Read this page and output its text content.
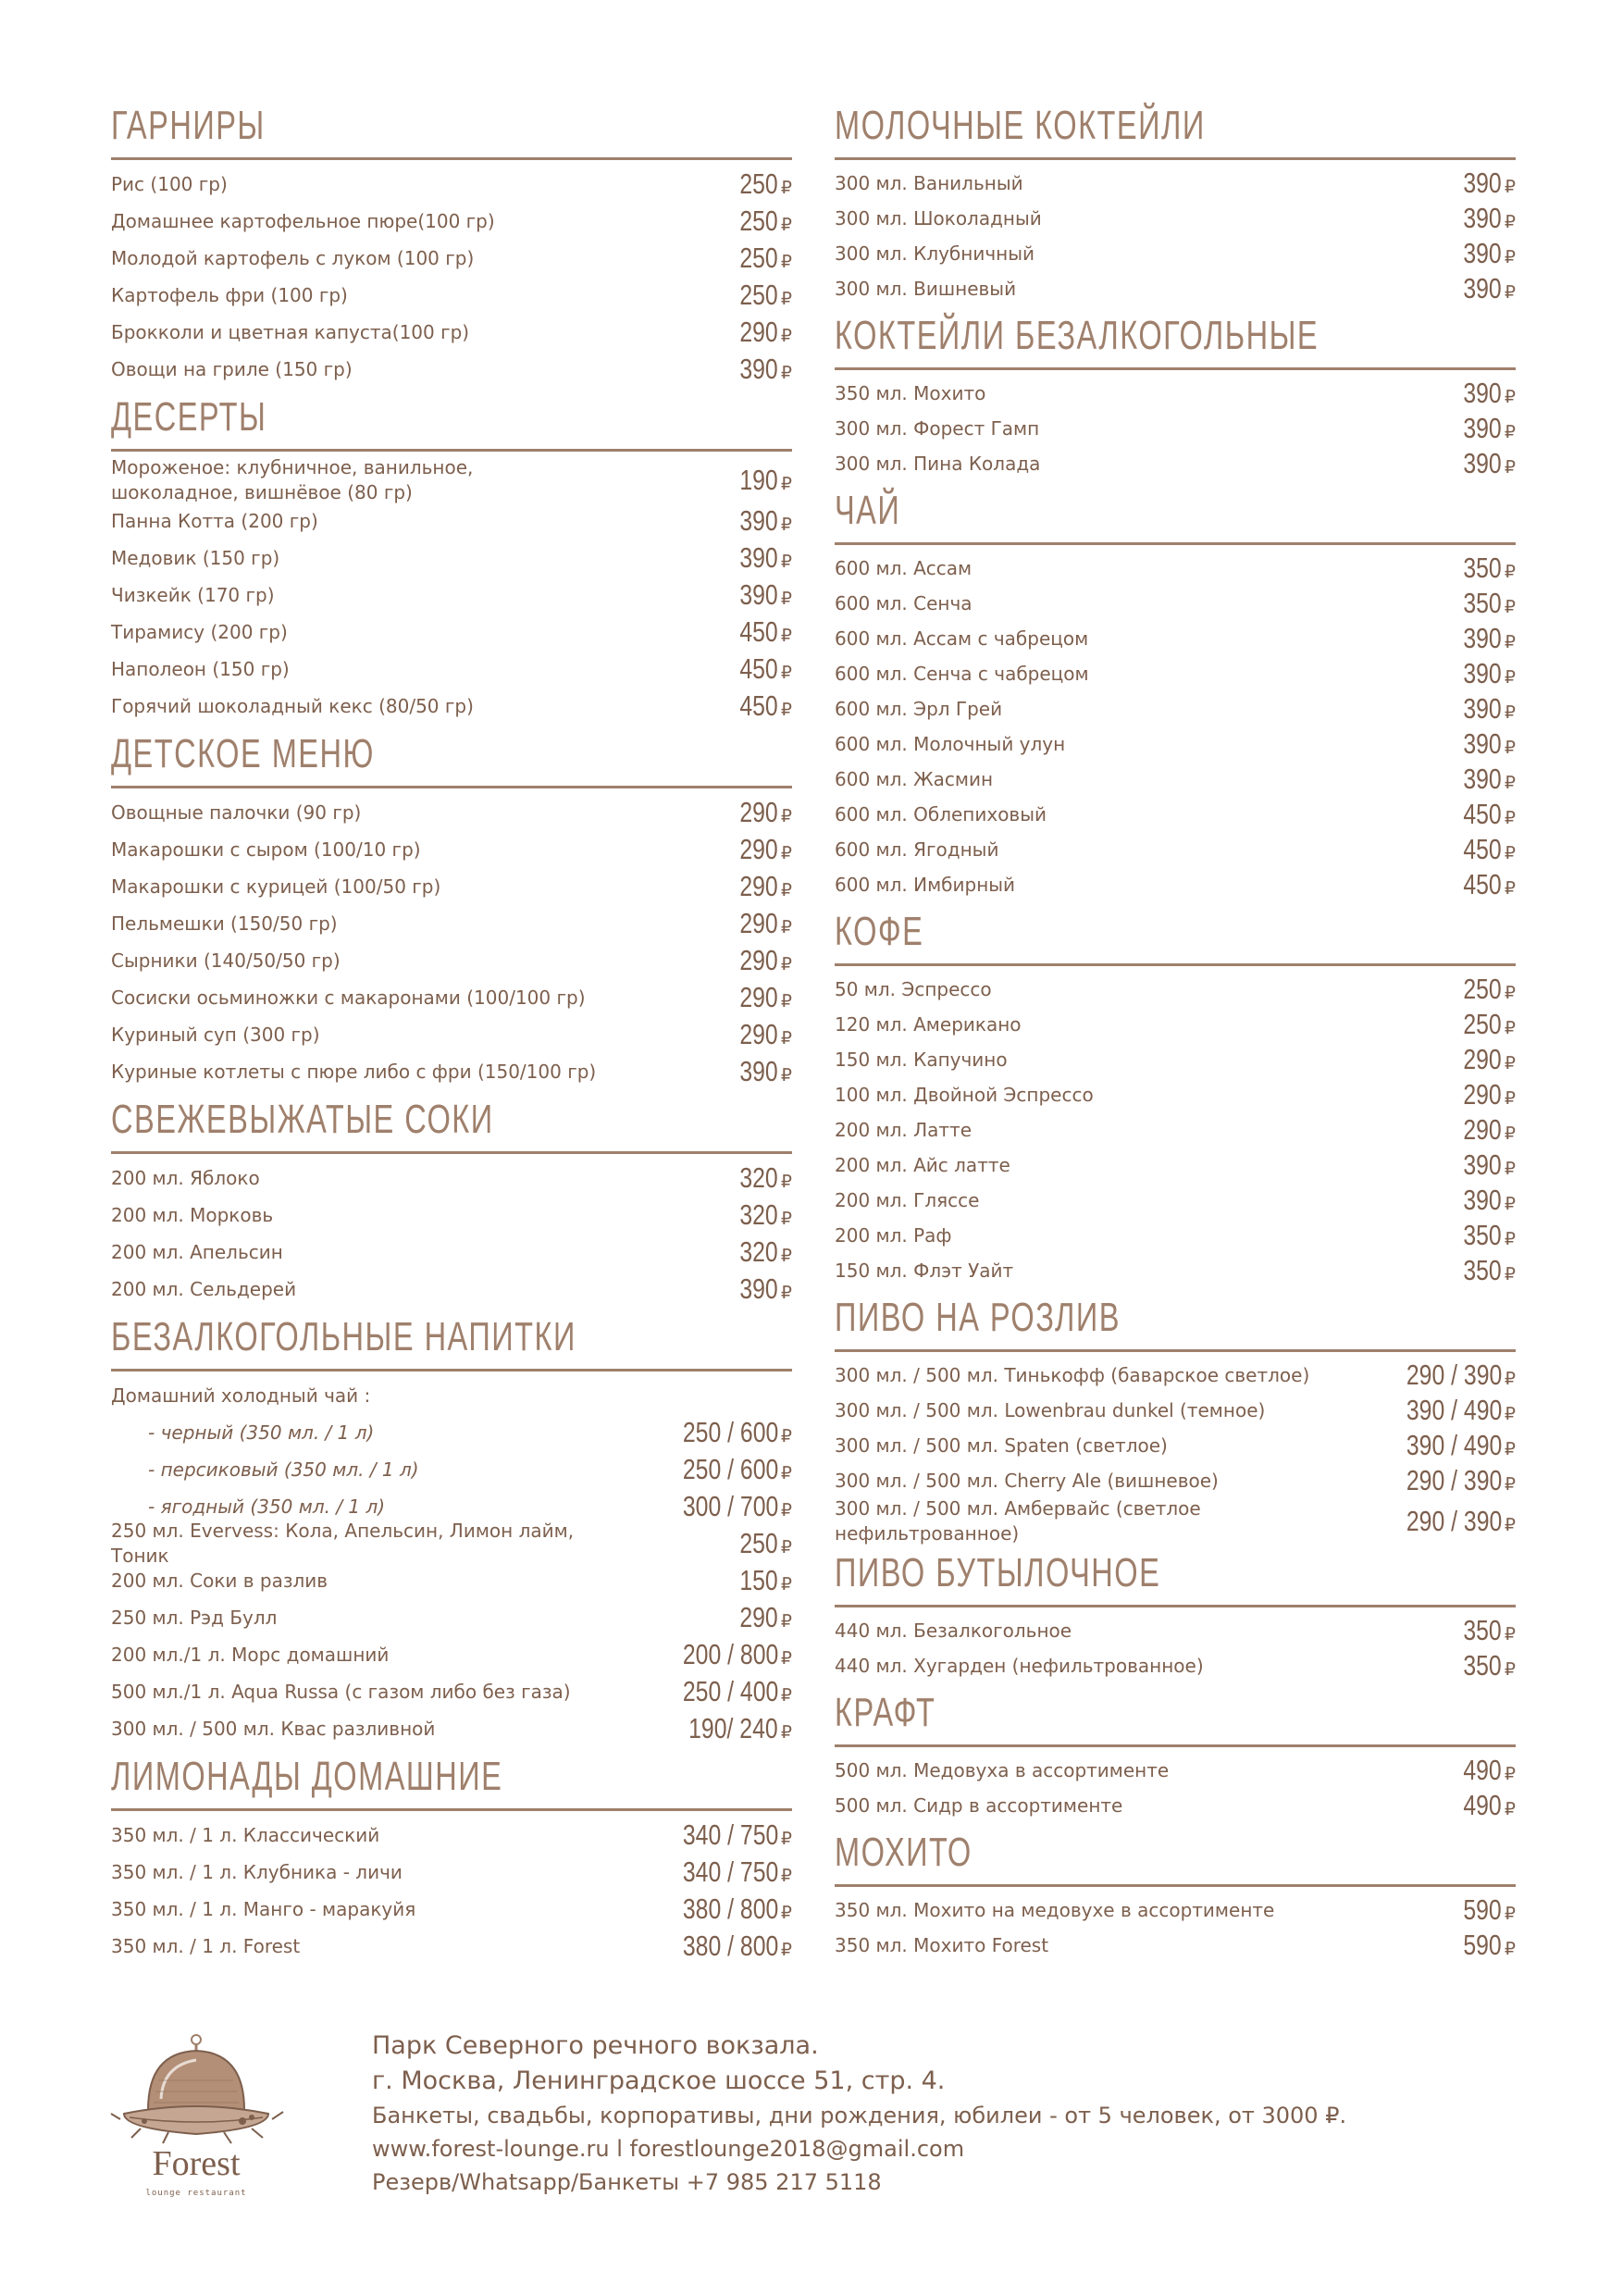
ГАРНИРЫ
Рис (100 гр)	250 ₽
Домашнее картофельное пюре(100 гр)	250 ₽
Молодой картофель с луком (100 гр)	250 ₽
Картофель фри (100 гр)	250 ₽
Брокколи и цветная капуста(100 гр)	290 ₽
Овощи на гриле (150 гр)	390 ₽
ДЕСЕРТЫ
Мороженое: клубничное, ванильное, шоколадное, вишнёвое (80 гр)	190 ₽
Панна Котта (200 гр)	390 ₽
Медовик (150 гр)	390 ₽
Чизкейк (170 гр)	390 ₽
Тирамису (200 гр)	450 ₽
Наполеон (150 гр)	450 ₽
Горячий шоколадный кекс (80/50 гр)	450 ₽
ДЕТСКОЕ МЕНЮ
Овощные палочки (90 гр)	290 ₽
Макарошки с сыром (100/10 гр)	290 ₽
Макарошки с курицей (100/50 гр)	290 ₽
Пельмешки (150/50 гр)	290 ₽
Сырники (140/50/50 гр)	290 ₽
Сосиски осьминожки с макаронами (100/100 гр)	290 ₽
Куриный суп (300 гр)	290 ₽
Куриные котлеты с пюре либо с фри (150/100 гр)	390 ₽
СВЕЖЕВЫЖАТЫЕ СОКИ
200 мл. Яблоко	320 ₽
200 мл. Морковь	320 ₽
200 мл. Апельсин	320 ₽
200 мл. Сельдерей	390 ₽
БЕЗАЛКОГОЛЬНЫЕ НАПИТКИ
Домашний холодный чай :
- черный (350 мл. / 1 л)	250 / 600 ₽
- персиковый (350 мл. / 1 л)	250 / 600 ₽
- ягодный (350 мл. / 1 л)	300 / 700 ₽
250 мл. Evervess: Кола, Апельсин, Лимон лайм, Тоник	250 ₽
200 мл. Соки в разлив	150 ₽
250 мл. Рэд Булл	290 ₽
200 мл./1 л. Морс домашний	200 / 800 ₽
500 мл./1 л. Aqua Russa (с газом либо без газа)	250 / 400 ₽
300 мл. / 500 мл. Квас разливной	190/ 240 ₽
ЛИМОНАДЫ ДОМАШНИЕ
350 мл. / 1 л. Классический	340 / 750 ₽
350 мл. / 1 л. Клубника - личи	340 / 750 ₽
350 мл. / 1 л. Манго - маракуйя	380 / 800 ₽
350 мл. / 1 л. Forest	380 / 800 ₽
МОЛОЧНЫЕ КОКТЕЙЛИ
300 мл. Ванильный	390 ₽
300 мл. Шоколадный	390 ₽
300 мл. Клубничный	390 ₽
300 мл. Вишневый	390 ₽
КОКТЕЙЛИ БЕЗАЛКОГОЛЬНЫЕ
350 мл. Мохито	390 ₽
300 мл. Форест Гамп	390 ₽
300 мл. Пина Колада	390 ₽
ЧАЙ
600 мл. Ассам	350 ₽
600 мл. Сенча	350 ₽
600 мл. Ассам с чабрецом	390 ₽
600 мл. Сенча с чабрецом	390 ₽
600 мл. Эрл Грей	390 ₽
600 мл. Молочный улун	390 ₽
600 мл. Жасмин	390 ₽
600 мл. Облепиховый	450 ₽
600 мл. Ягодный	450 ₽
600 мл. Имбирный	450 ₽
КОФЕ
50 мл. Эспрессо	250 ₽
120 мл. Американо	250 ₽
150 мл. Капучино	290 ₽
100 мл. Двойной Эспрессо	290 ₽
200 мл. Латте	290 ₽
200 мл. Айс латте	390 ₽
200 мл. Гляссе	390 ₽
200 мл. Раф	350 ₽
150 мл. Флэт Уайт	350 ₽
ПИВО НА РОЗЛИВ
300 мл. / 500 мл. Тинькофф (баварское светлое)	290 / 390 ₽
300 мл. / 500 мл. Lowenbrau dunkel (темное)	390 / 490 ₽
300 мл. / 500 мл. Spaten (светлое)	390 / 490 ₽
300 мл. / 500 мл. Cherry Ale (вишневое)	290 / 390 ₽
300 мл. / 500 мл. Амбервайс (светлое нефильтрованное)	290 / 390 ₽
ПИВО БУТЫЛОЧНОЕ
440 мл. Безалкогольное	350 ₽
440 мл. Хугарден (нефильтрованное)	350 ₽
КРАФТ
500 мл. Медовуха в ассортименте	490 ₽
500 мл. Сидр в ассортименте	490 ₽
МОХИТО
350 мл. Мохито на медовухе в ассортименте	590 ₽
350 мл. Мохито Forest	590 ₽
Forest
lounge restaurant
Парк Северного речного вокзала.
г. Москва, Ленинградское шоссе 51, стр. 4.
Банкеты, свадьбы, корпоративы, дни рождения, юбилеи - от 5 человек, от 3000 ₽.
www.forest-lounge.ru l forestlounge2018@gmail.com
Резерв/Whatsapp/Банкеты +7 985 217 5118
